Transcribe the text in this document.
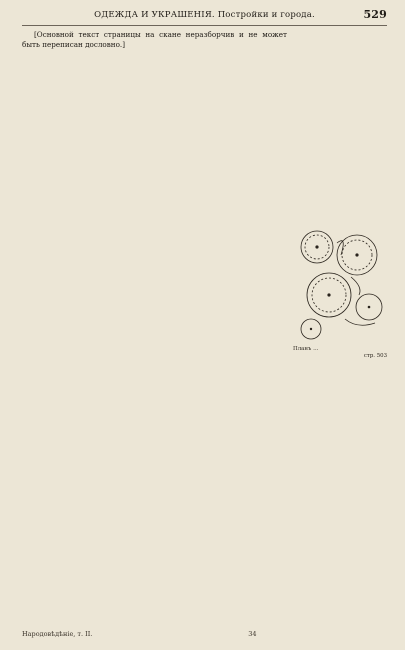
ОДЕЖДА И УКРАШЕНІЯ. Постройки и города.	529

[Основной текст страницы на скане неразборчив и не может быть переписан дословно.]

Планъ …
стр. 503
Народовѣдѣніе, т. II.	34
